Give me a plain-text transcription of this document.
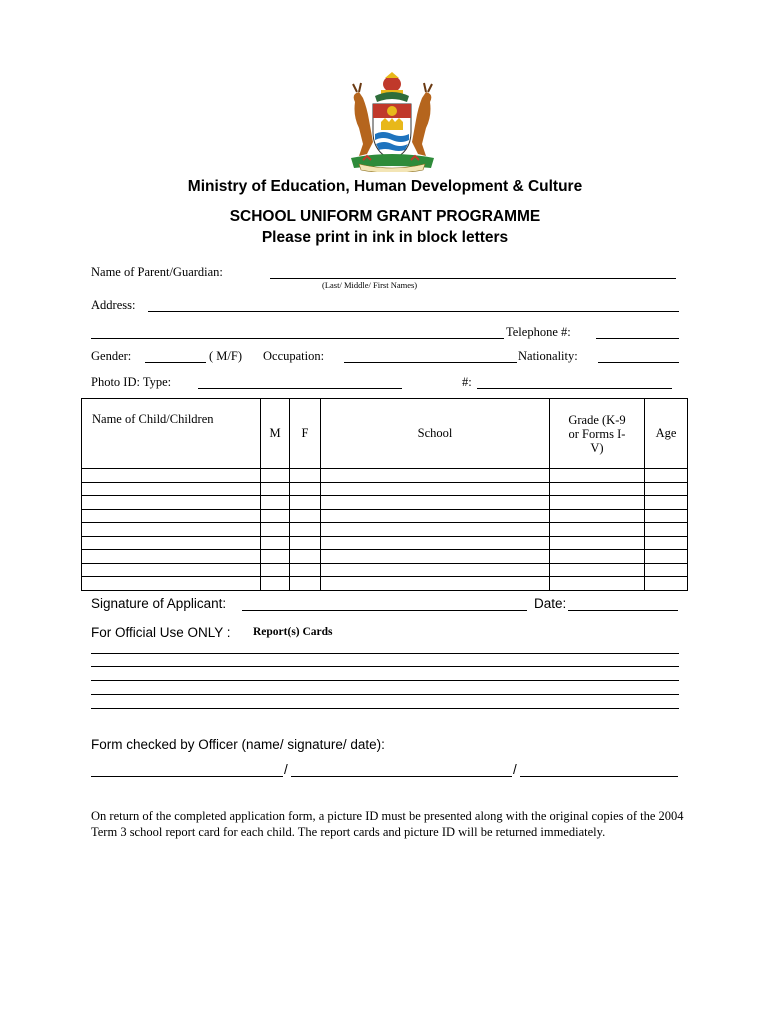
Ministry of Education, Human Development & Culture
SCHOOL UNIFORM GRANT PROGRAMME
Please print in ink in block letters
Name of Parent/Guardian:
(Last/ Middle/ First Names)
Address:
Telephone #:
Gender:	( M/F) Occupation:	Nationality:
Photo ID: Type:	#:
Name of Child/Children	M	F	School	Grade (K-9 or Forms I-V)	Age

Signature of Applicant:	Date:
For Official Use ONLY : Report(s) Cards
Form checked by Officer (name/ signature/ date):
/	/
On return of the completed application form, a picture ID must be presented along with the original copies of the 2004 Term 3 school report card for each child. The report cards and picture ID will be returned immediately.
